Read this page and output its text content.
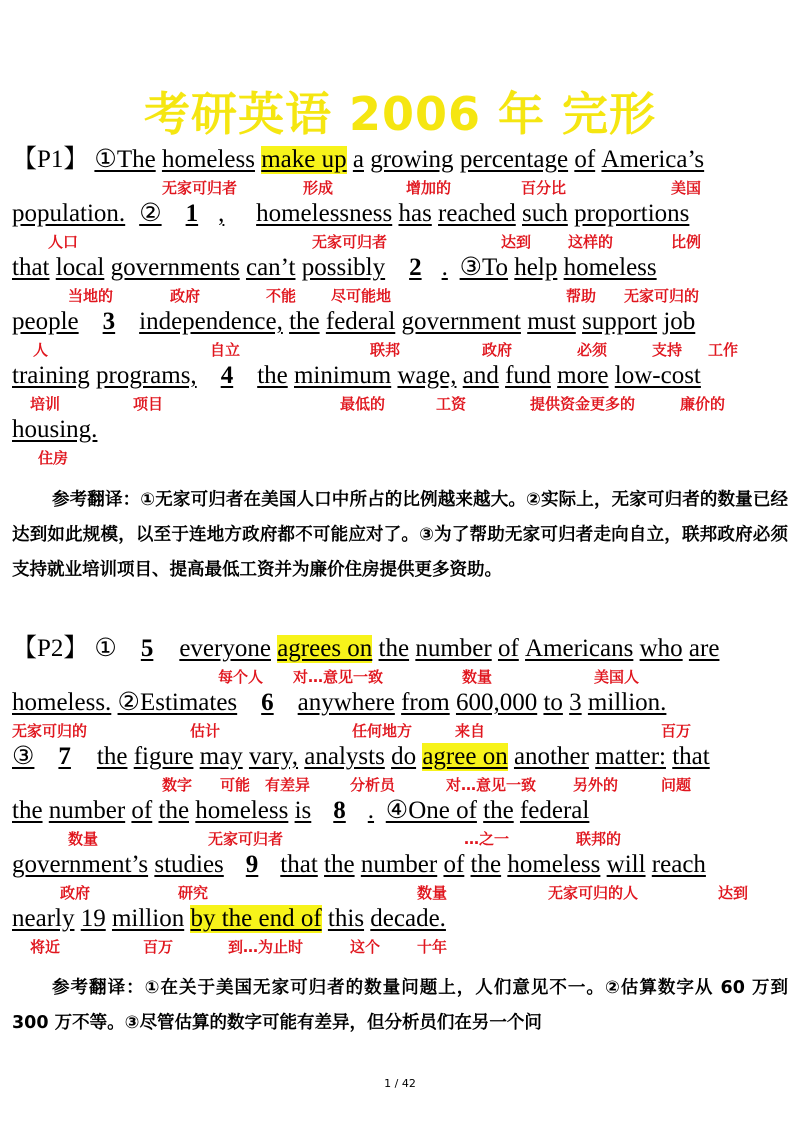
考研英语 2006 年 完形
【P1】 ①The homeless make up a growing percentage of America’s
无家可归者	形成	增加的	百分比	美国
population. ② 1 , homelessness has reached such proportions
人口	无家可归者	达到 这样的	比例
that local governments can’t possibly 2 . ③To help homeless
当地的	政府	不能 尽可能地	帮助 无家可归的
people 3 independence, the federal government must support job
人	自立	联邦	政府	必须	支持 工作
training programs, 4 the minimum wage, and fund more low-cost
培训	项目	最低的	工资	提供资金更多的	廉价的
housing.
住房

参考翻译：①无家可归者在美国人口中所占的比例越来越大。②实际上，无家可归者的数量已经达到如此规模，以至于连地方政府都不可能应对了。③为了帮助无家可归者走向自立，联邦政府必须支持就业培训项目、提高最低工资并为廉价住房提供更多资助。

【P2】 ① 5 everyone agrees on the number of Americans who are
每个人 对…意见一致	数量	美国人
homeless. ②Estimates 6 anywhere from 600,000 to 3 million.
无家可归的	估计	任何地方	来自	百万
③ 7 the figure may vary, analysts do agree on another matter: that
数字 可能 有差异	分析员	对…意见一致 另外的	问题
the number of the homeless is 8 . ④One of the federal
数量	无家可归者	…之一	联邦的
government’s studies 9 that the number of the homeless will reach
政府	研究	数量	无家可归的人	达到
nearly 19 million by the end of this decade.
将近	百万	到…为止时	这个 十年

参考翻译：①在关于美国无家可归者的数量问题上，人们意见不一。②估算数字从 60 万到 300 万不等。③尽管估算的数字可能有差异，但分析员们在另一个问

1 / 42
